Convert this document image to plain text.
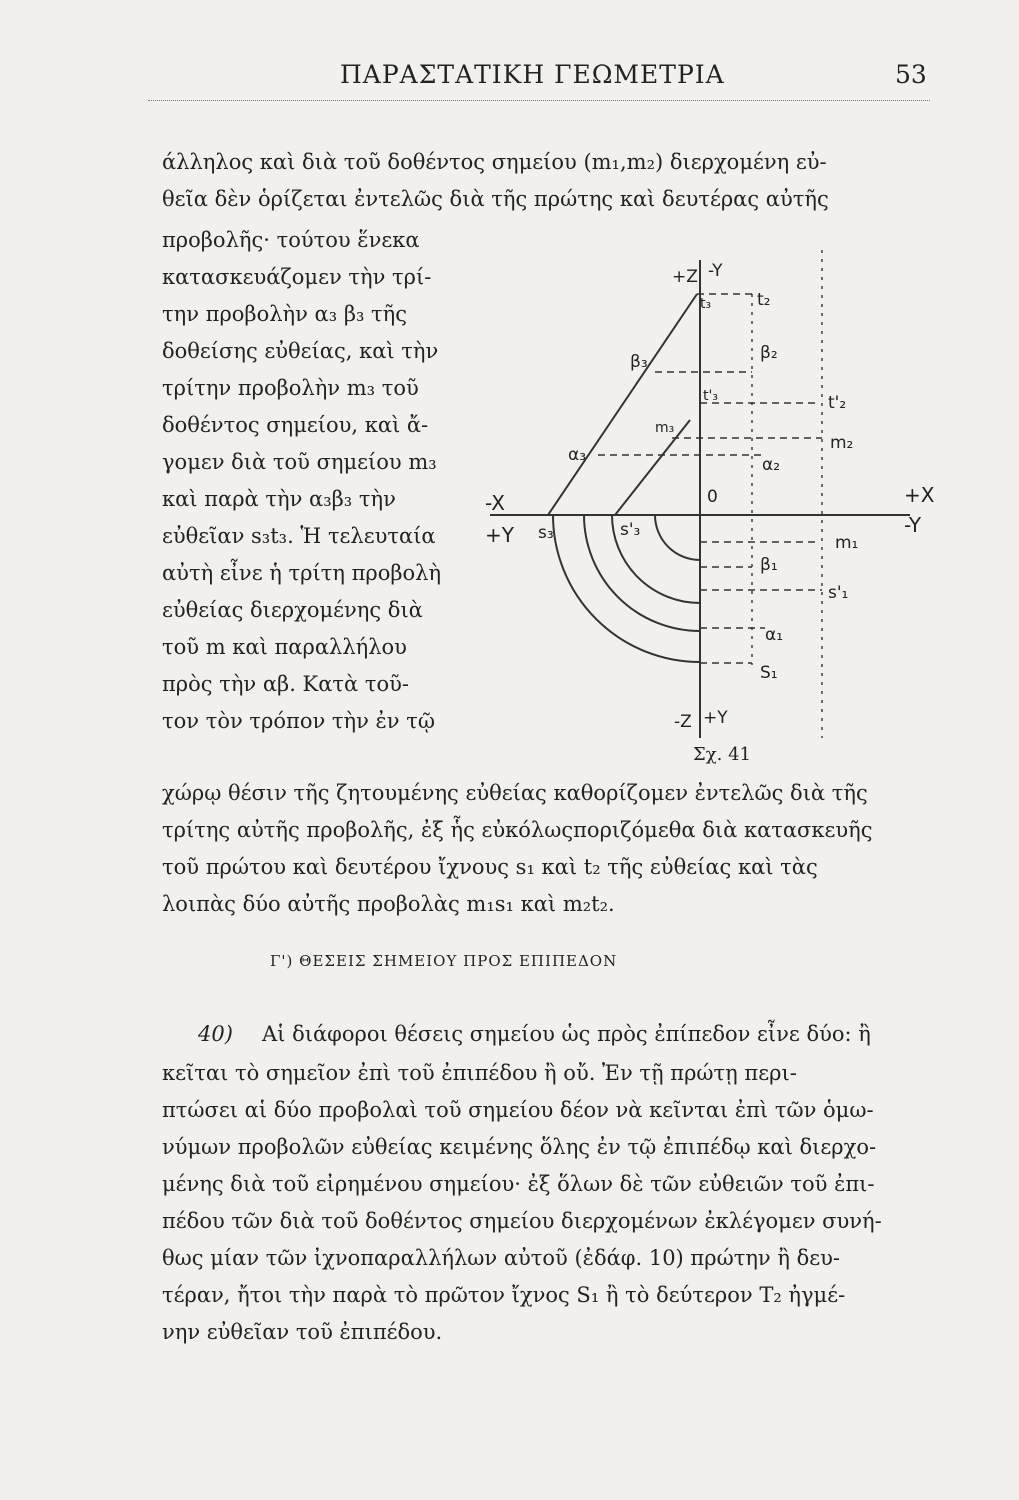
ΠΑΡΑΣΤΑΤΙΚΗ ΓΕΩΜΕΤΡΙΑ	53
άλληλος καὶ διὰ τοῦ δοθέντος σημείου (m₁,m₂) διερχομένη εὐ-
θεῖα δὲν ὁρίζεται ἐντελῶς διὰ τῆς πρώτης καὶ δευτέρας αὐτῆς
προβολῆς· τούτου ἕνεκα
κατασκευάζομεν τὴν τρί-
την προβολὴν α₃ β₃ τῆς
δοθείσης εὐθείας, καὶ τὴν
τρίτην προβολὴν m₃ τοῦ
δοθέντος σημείου, καὶ ἄ-
γομεν διὰ τοῦ σημείου m₃
καὶ παρὰ τὴν α₃β₃ τὴν
εὐθεῖαν s₃t₃. Ἡ τελευταία
αὐτὴ εἶνε ἡ τρίτη προβολὴ
εὐθείας διερχομένης διὰ
τοῦ m καὶ παραλλήλου
πρὸς τὴν αβ. Κατὰ τοῦ-
τον τὸν τρόπον τὴν ἐν τῷ
+Z -Y
t₃	t₂
β₃	β₂
t'₃	t'₂
m₃
m₂
α₃	α₂
0
-X
+Y s₃	s'₃
+X
-Y
m₁
β₁
s'₁
α₁
S₁
-Z +Y
Σχ. 41
χώρῳ θέσιν τῆς ζητουμένης εὐθείας καθορίζομεν ἐντελῶς διὰ τῆς
τρίτης αὐτῆς προβολῆς, ἐξ ἧς εὐκόλωςποριζόμεθα διὰ κατασκευῆς
τοῦ πρώτου καὶ δευτέρου ἴχνους s₁ καὶ t₂ τῆς εὐθείας καὶ τὰς
λοιπὰς δύο αὐτῆς προβολὰς m₁s₁ καὶ m₂t₂.
Γ') ΘΕΣΕΙΣ ΣΗΜΕΙΟΥ ΠΡΟΣ ΕΠΙΠΕΔΟΝ
40) Αἱ διάφοροι θέσεις σημείου ὡς πρὸς ἐπίπεδον εἶνε δύο: ἢ
κεῖται τὸ σημεῖον ἐπὶ τοῦ ἐπιπέδου ἢ οὔ. Ἐν τῇ πρώτῃ περι-
πτώσει αἱ δύο προβολαὶ τοῦ σημείου δέον νὰ κεῖνται ἐπὶ τῶν ὁμω-
νύμων προβολῶν εὐθείας κειμένης ὅλης ἐν τῷ ἐπιπέδῳ καὶ διερχο-
μένης διὰ τοῦ εἰρημένου σημείου· ἐξ ὅλων δὲ τῶν εὐθειῶν τοῦ ἐπι-
πέδου τῶν διὰ τοῦ δοθέντος σημείου διερχομένων ἐκλέγομεν συνή-
θως μίαν τῶν ἰχνοπαραλλήλων αὐτοῦ (ἐδάφ. 10) πρώτην ἢ δευ-
τέραν, ἤτοι τὴν παρὰ τὸ πρῶτον ἴχνος S₁ ἢ τὸ δεύτερον T₂ ἠγμέ-
νην εὐθεῖαν τοῦ ἐπιπέδου.
